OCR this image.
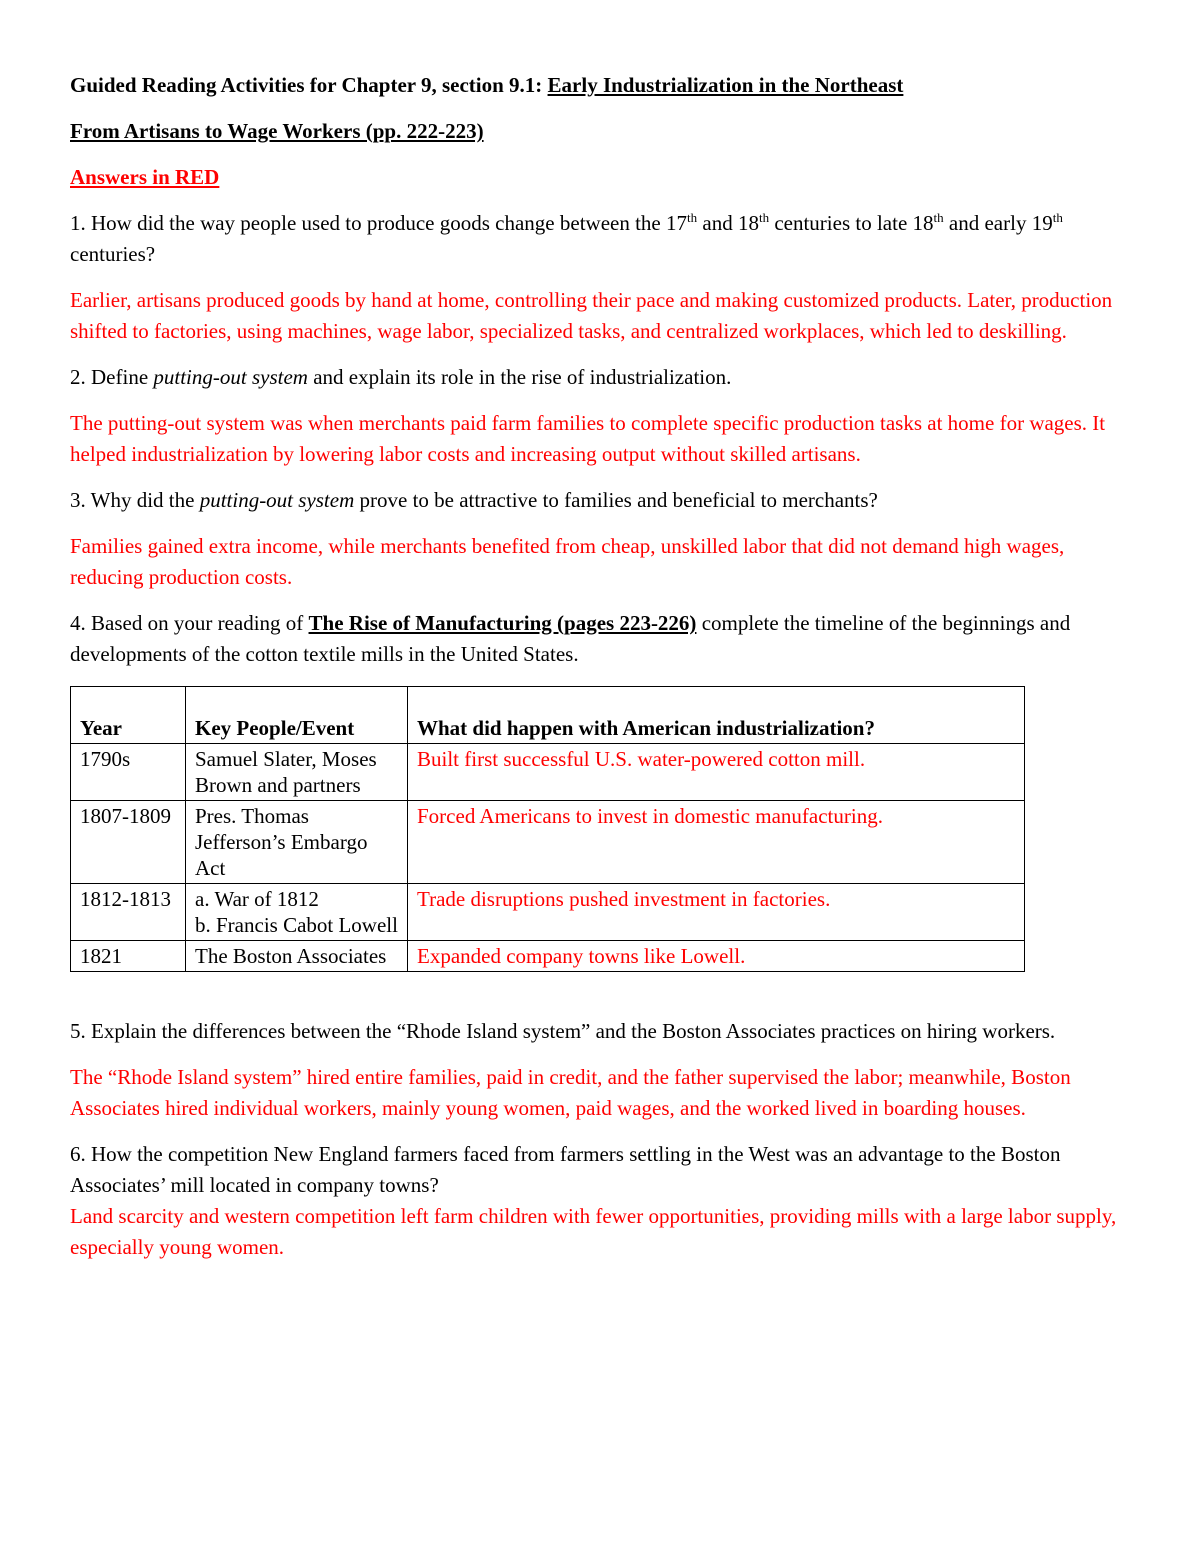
Guided Reading Activities for Chapter 9, section 9.1: Early Industrialization in the Northeast

From Artisans to Wage Workers (pp. 222-223)

Answers in RED

1. How did the way people used to produce goods change between the 17th and 18th centuries to late 18th and early 19th centuries?

Earlier, artisans produced goods by hand at home, controlling their pace and making customized products. Later, production shifted to factories, using machines, wage labor, specialized tasks, and centralized workplaces, which led to deskilling.

2. Define putting-out system and explain its role in the rise of industrialization.

The putting-out system was when merchants paid farm families to complete specific production tasks at home for wages. It helped industrialization by lowering labor costs and increasing output without skilled artisans.

3. Why did the putting-out system prove to be attractive to families and beneficial to merchants?

Families gained extra income, while merchants benefited from cheap, unskilled labor that did not demand high wages, reducing production costs.

4. Based on your reading of The Rise of Manufacturing (pages 223-226) complete the timeline of the beginnings and developments of the cotton textile mills in the United States.

Year	Key People/Event	What did happen with American industrialization?
1790s	Samuel Slater, Moses Brown and partners	Built first successful U.S. water-powered cotton mill.
1807-1809	Pres. Thomas Jefferson’s Embargo Act	Forced Americans to invest in domestic manufacturing.
1812-1813	a. War of 1812
b. Francis Cabot Lowell	Trade disruptions pushed investment in factories.
1821	The Boston Associates	Expanded company towns like Lowell.

5. Explain the differences between the “Rhode Island system” and the Boston Associates practices on hiring workers.

The “Rhode Island system” hired entire families, paid in credit, and the father supervised the labor; meanwhile, Boston Associates hired individual workers, mainly young women, paid wages, and the worked lived in boarding houses.

6. How the competition New England farmers faced from farmers settling in the West was an advantage to the Boston Associates’ mill located in company towns?

Land scarcity and western competition left farm children with fewer opportunities, providing mills with a large labor supply, especially young women.
